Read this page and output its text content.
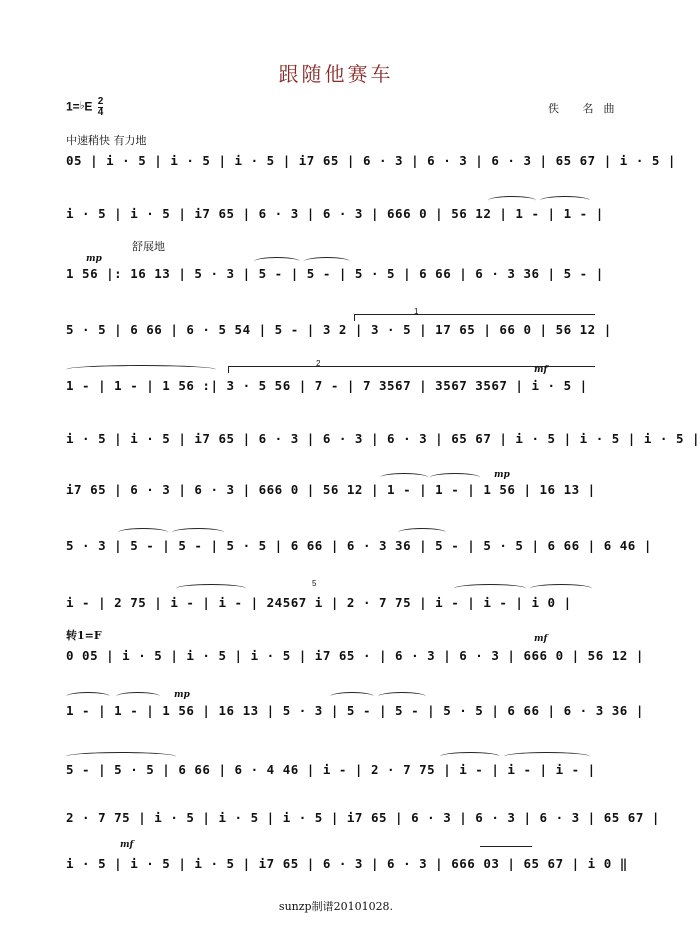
跟随他赛车
1=♭E $\frac{2}{4}$	佚 名曲
中速稍快 有力地
05 | i · 5 | i · 5 | i · 5 | i7 65 | 6 · 3 | 6 · 3 | 6 · 3 | 65 67 | i · 5 |
i · 5 | i · 5 | i7 65 | 6 · 3 | 6 · 3 | 666 0 | 56 12 | 1 - | 1 - |
舒展地
mp
1 56 |: 16 13 | 5 · 3 | 5 - | 5 - | 5 · 5 | 6 66 | 6 · 3 36 | 5 - |
1
5 · 5 | 6 66 | 6 · 5 54 | 5 - | 3 2 | 3 · 5 | 17 65 | 66 0 | 56 12 |
2
mf
1 - | 1 - | 1 56 :| 3 · 5 56 | 7 - | 7 3567 | 3567 3567 | i · 5 |
i · 5 | i · 5 | i7 65 | 6 · 3 | 6 · 3 | 6 · 3 | 65 67 | i · 5 | i · 5 | i · 5 |
mp
i7 65 | 6 · 3 | 6 · 3 | 666 0 | 56 12 | 1 - | 1 - | 1 56 | 16 13 |
5 · 3 | 5 - | 5 - | 5 · 5 | 6 66 | 6 · 3 36 | 5 - | 5 · 5 | 6 66 | 6 46 |
5
i - | 2 75 | i - | i - | 24567 i | 2 · 7 75 | i - | i - | i 0 |
转1=F	mf
0 05 | i · 5 | i · 5 | i · 5 | i7 65 · | 6 · 3 | 6 · 3 | 666 0 | 56 12 |
mp
1 - | 1 - | 1 56 | 16 13 | 5 · 3 | 5 - | 5 - | 5 · 5 | 6 66 | 6 · 3 36 |
5 - | 5 · 5 | 6 66 | 6 · 4 46 | i - | 2 · 7 75 | i - | i - | i - |
2 · 7 75 | i · 5 | i · 5 | i · 5 | i7 65 | 6 · 3 | 6 · 3 | 6 · 3 | 65 67 |
mf
i · 5 | i · 5 | i · 5 | i7 65 | 6 · 3 | 6 · 3 | 666 03 | 65 67 | i 0 ‖
sunzp制谱20101028.
